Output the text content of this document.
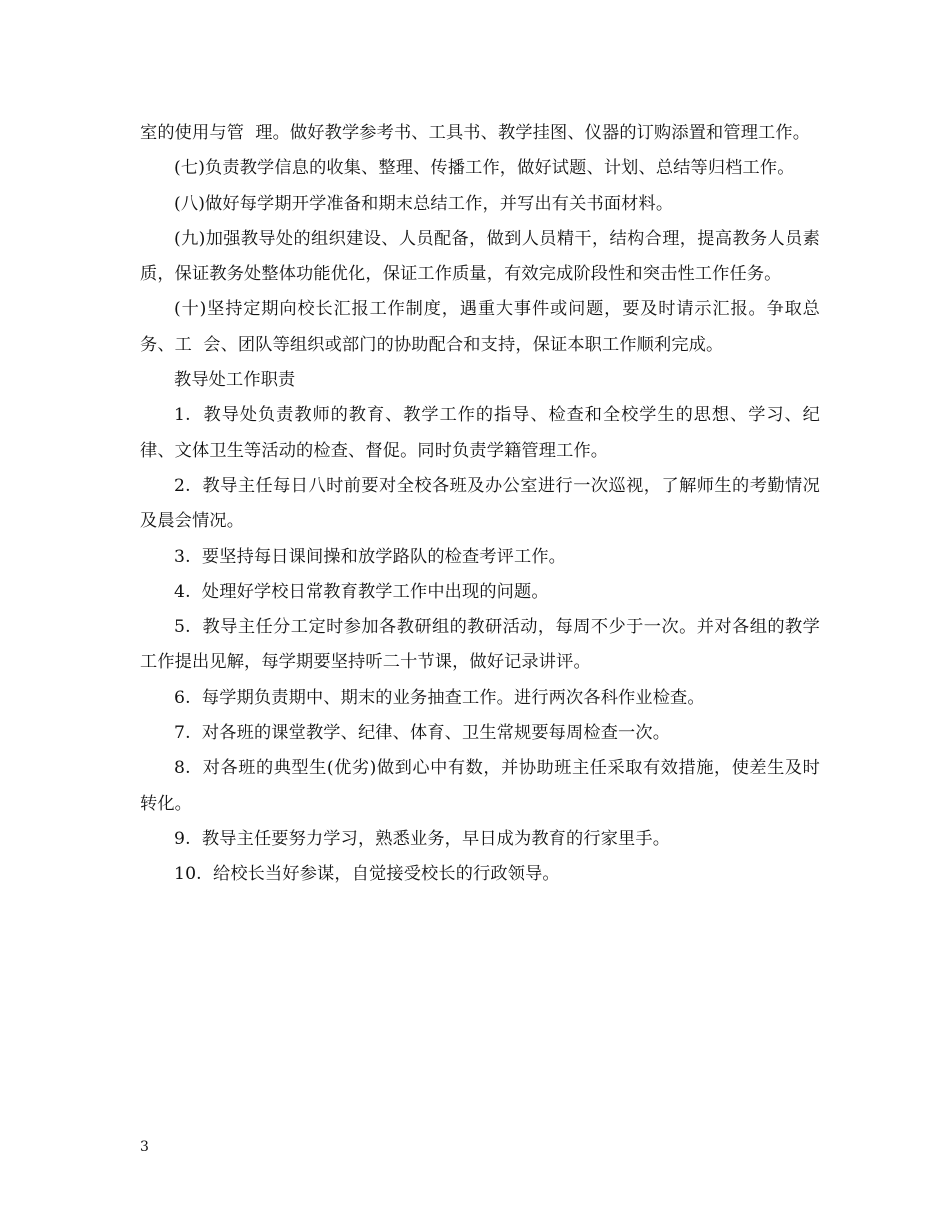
室的使用与管  理。做好教学参考书、工具书、教学挂图、仪器的订购添置和管理工作。

(七)负责教学信息的收集、整理、传播工作，做好试题、计划、总结等归档工作。

(八)做好每学期开学准备和期末总结工作，并写出有关书面材料。

(九)加强教导处的组织建设、人员配备，做到人员精干，结构合理，提高教务人员素质，保证教务处整体功能优化，保证工作质量，有效完成阶段性和突击性工作任务。

(十)坚持定期向校长汇报工作制度，遇重大事件或问题，要及时请示汇报。争取总务、工  会、团队等组织或部门的协助配合和支持，保证本职工作顺利完成。

教导处工作职责

1.  教导处负责教师的教育、教学工作的指导、检查和全校学生的思想、学习、纪律、文体卫生等活动的检查、督促。同时负责学籍管理工作。

2.  教导主任每日八时前要对全校各班及办公室进行一次巡视，了解师生的考勤情况及晨会情况。

3.  要坚持每日课间操和放学路队的检查考评工作。

4.  处理好学校日常教育教学工作中出现的问题。

5.  教导主任分工定时参加各教研组的教研活动，每周不少于一次。并对各组的教学工作提出见解，每学期要坚持听二十节课，做好记录讲评。

6.  每学期负责期中、期末的业务抽查工作。进行两次各科作业检查。

7.  对各班的课堂教学、纪律、体育、卫生常规要每周检查一次。

8.  对各班的典型生(优劣)做到心中有数，并协助班主任采取有效措施，使差生及时转化。

9.  教导主任要努力学习，熟悉业务，早日成为教育的行家里手。

10.  给校长当好参谋，自觉接受校长的行政领导。

3
